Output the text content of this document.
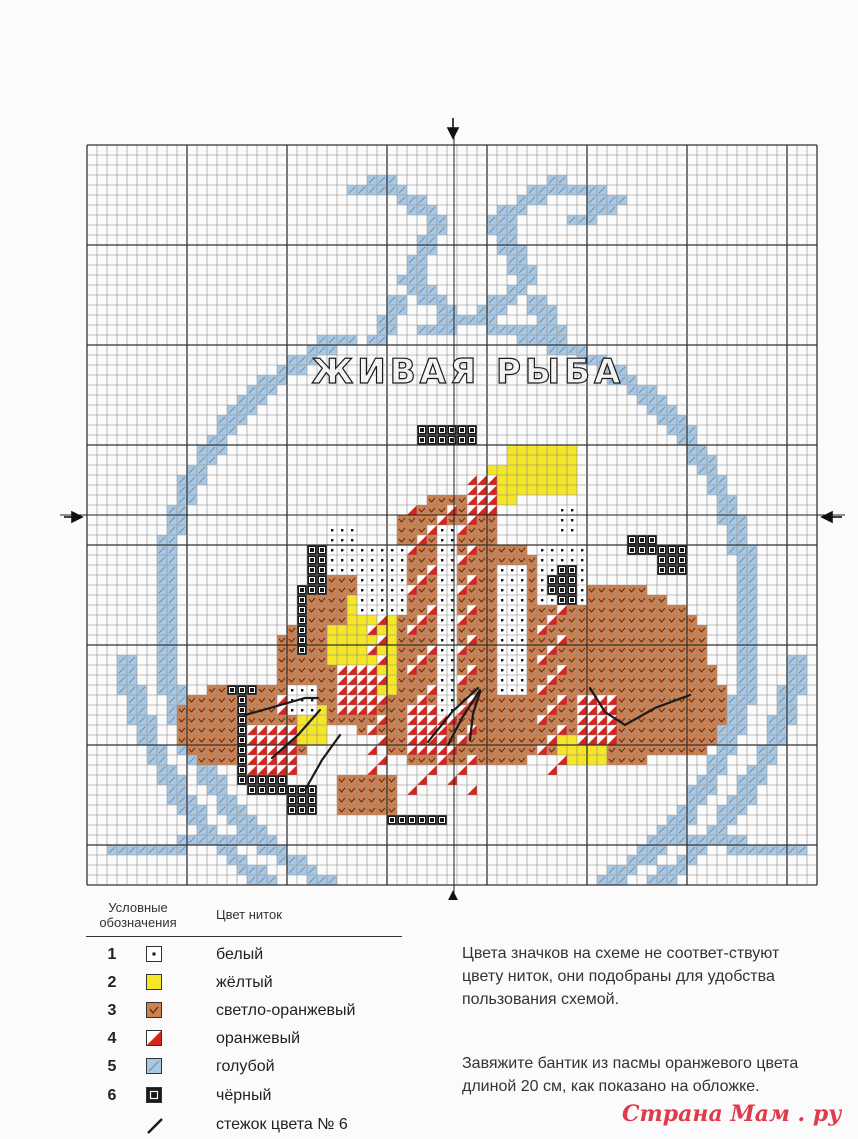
ЖИВАЯ РЫБА
Условные обозначения
Цвет ниток
1	белый
2	жёлтый
3	светло-оранжевый
4	оранжевый
5	голубой
6	чёрный
стежок цвета № 6
Цвета значков на схеме не соответ-ствуют цвету ниток, они подобраны для удобства пользования схемой.
Завяжите бантик из пасмы оранжевого цвета длиной 20 см, как показано на обложке.
Страна Мам . ру
